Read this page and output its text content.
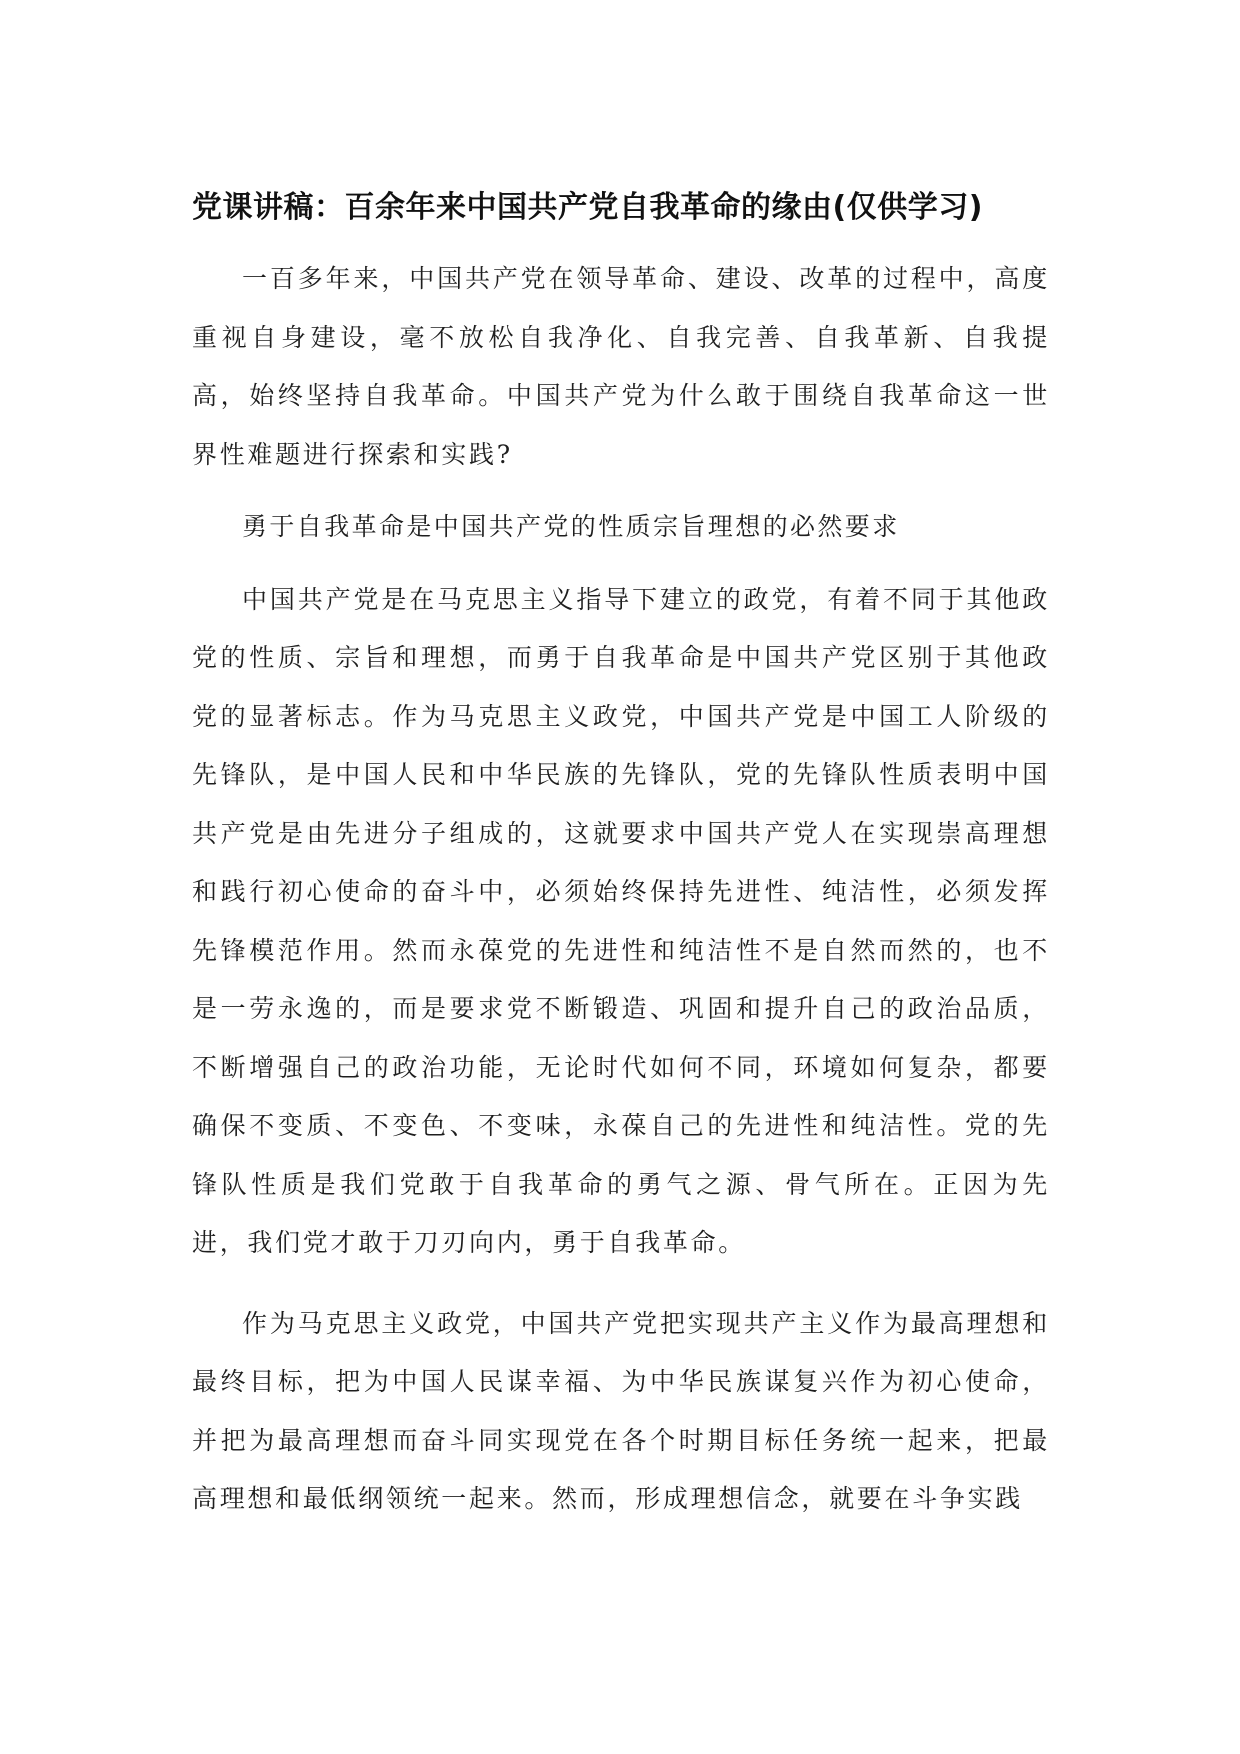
党课讲稿：百余年来中国共产党自我革命的缘由(仅供学习)

一百多年来，中国共产党在领导革命、建设、改革的过程中，高度重视自身建设，毫不放松自我净化、自我完善、自我革新、自我提高，始终坚持自我革命。中国共产党为什么敢于围绕自我革命这一世界性难题进行探索和实践?

勇于自我革命是中国共产党的性质宗旨理想的必然要求

中国共产党是在马克思主义指导下建立的政党，有着不同于其他政党的性质、宗旨和理想，而勇于自我革命是中国共产党区别于其他政党的显著标志。作为马克思主义政党，中国共产党是中国工人阶级的先锋队，是中国人民和中华民族的先锋队，党的先锋队性质表明中国共产党是由先进分子组成的，这就要求中国共产党人在实现崇高理想和践行初心使命的奋斗中，必须始终保持先进性、纯洁性，必须发挥先锋模范作用。然而永葆党的先进性和纯洁性不是自然而然的，也不是一劳永逸的，而是要求党不断锻造、巩固和提升自己的政治品质，不断增强自己的政治功能，无论时代如何不同，环境如何复杂，都要确保不变质、不变色、不变味，永葆自己的先进性和纯洁性。党的先锋队性质是我们党敢于自我革命的勇气之源、骨气所在。正因为先进，我们党才敢于刀刃向内，勇于自我革命。

作为马克思主义政党，中国共产党把实现共产主义作为最高理想和最终目标，把为中国人民谋幸福、为中华民族谋复兴作为初心使命，并把为最高理想而奋斗同实现党在各个时期目标任务统一起来，把最高理想和最低纲领统一起来。然而，形成理想信念，就要在斗争实践
